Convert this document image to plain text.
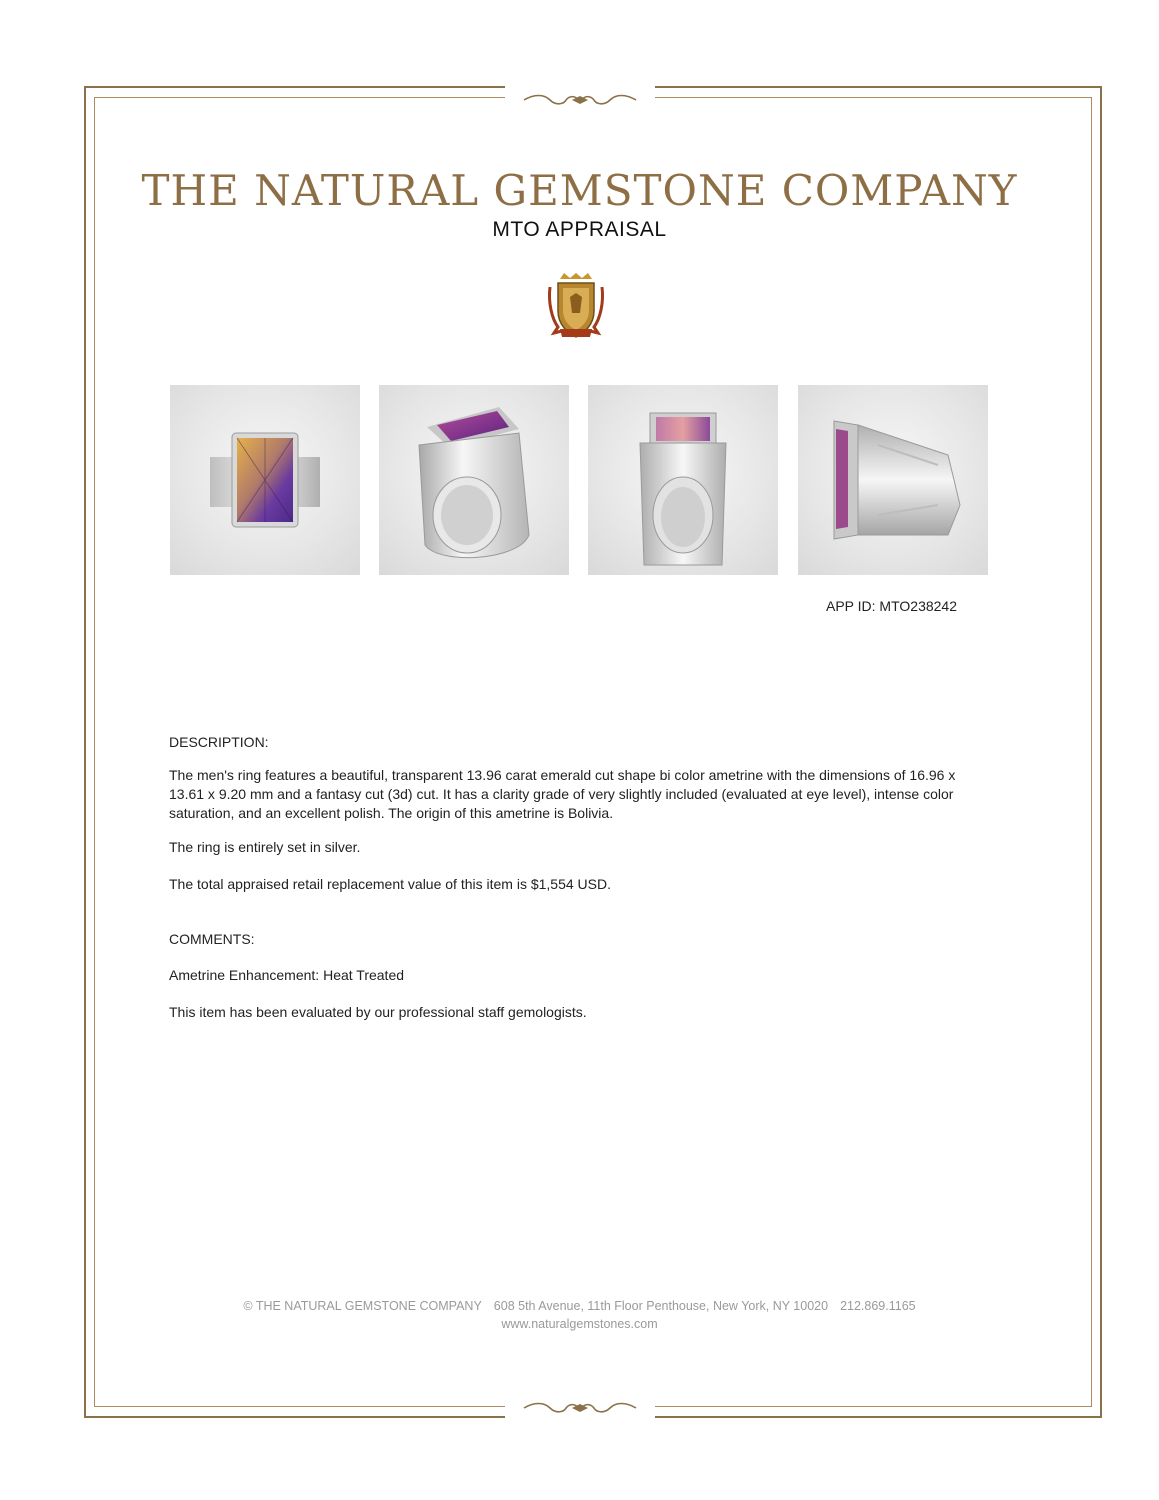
THE NATURAL GEMSTONE COMPANY
MTO APPRAISAL
APP ID: MTO238242
DESCRIPTION:
The men's ring features a beautiful, transparent 13.96 carat emerald cut shape bi color ametrine with the dimensions of 16.96 x 13.61 x 9.20 mm and a fantasy cut (3d) cut. It has a clarity grade of very slightly included (evaluated at eye level), intense color saturation, and an excellent polish. The origin of this ametrine is Bolivia.
The ring is entirely set in silver.
The total appraised retail replacement value of this item is $1,554 USD.
COMMENTS:
Ametrine Enhancement: Heat Treated
This item has been evaluated by our professional staff gemologists.
© THE NATURAL GEMSTONE COMPANY 608 5th Avenue, 11th Floor Penthouse, New York, NY 10020 212.869.1165
www.naturalgemstones.com
